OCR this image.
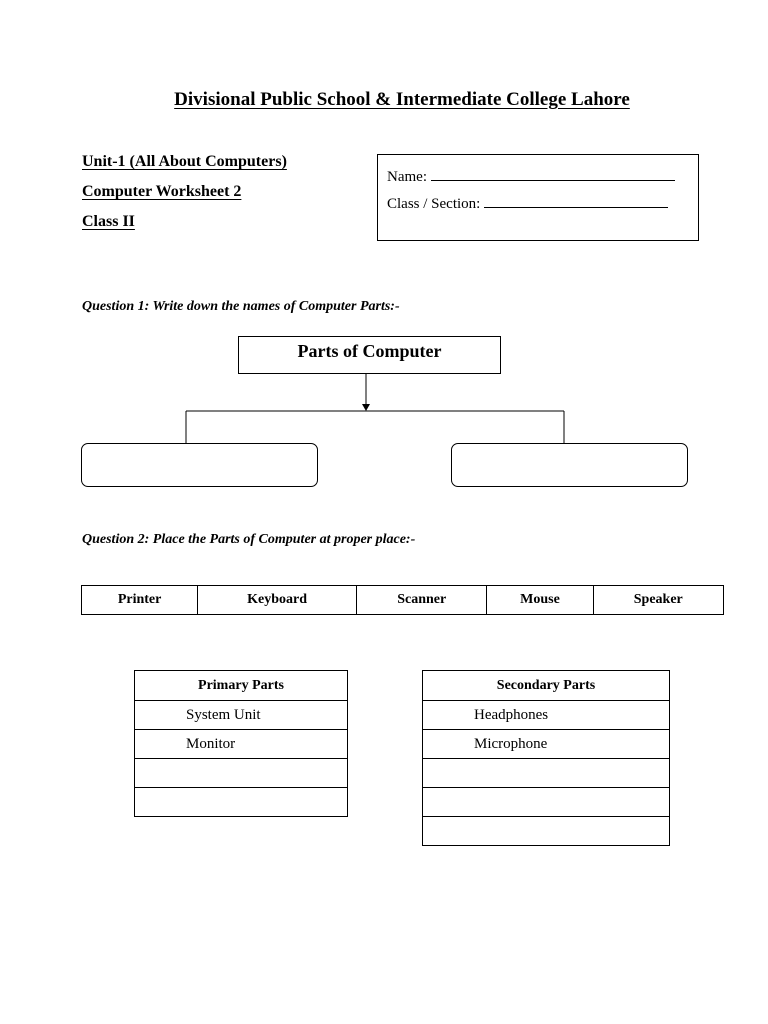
Divisional Public School & Intermediate College Lahore
Unit-1 (All About Computers)
Computer Worksheet 2
Class II
Name:
Class / Section:
Question 1: Write down the names of Computer Parts:-
Parts of Computer
Question 2: Place the Parts of Computer at proper place:-
Printer	Keyboard	Scanner	Mouse	Speaker
Primary Parts
System Unit
Monitor

Secondary Parts
Headphones
Microphone
